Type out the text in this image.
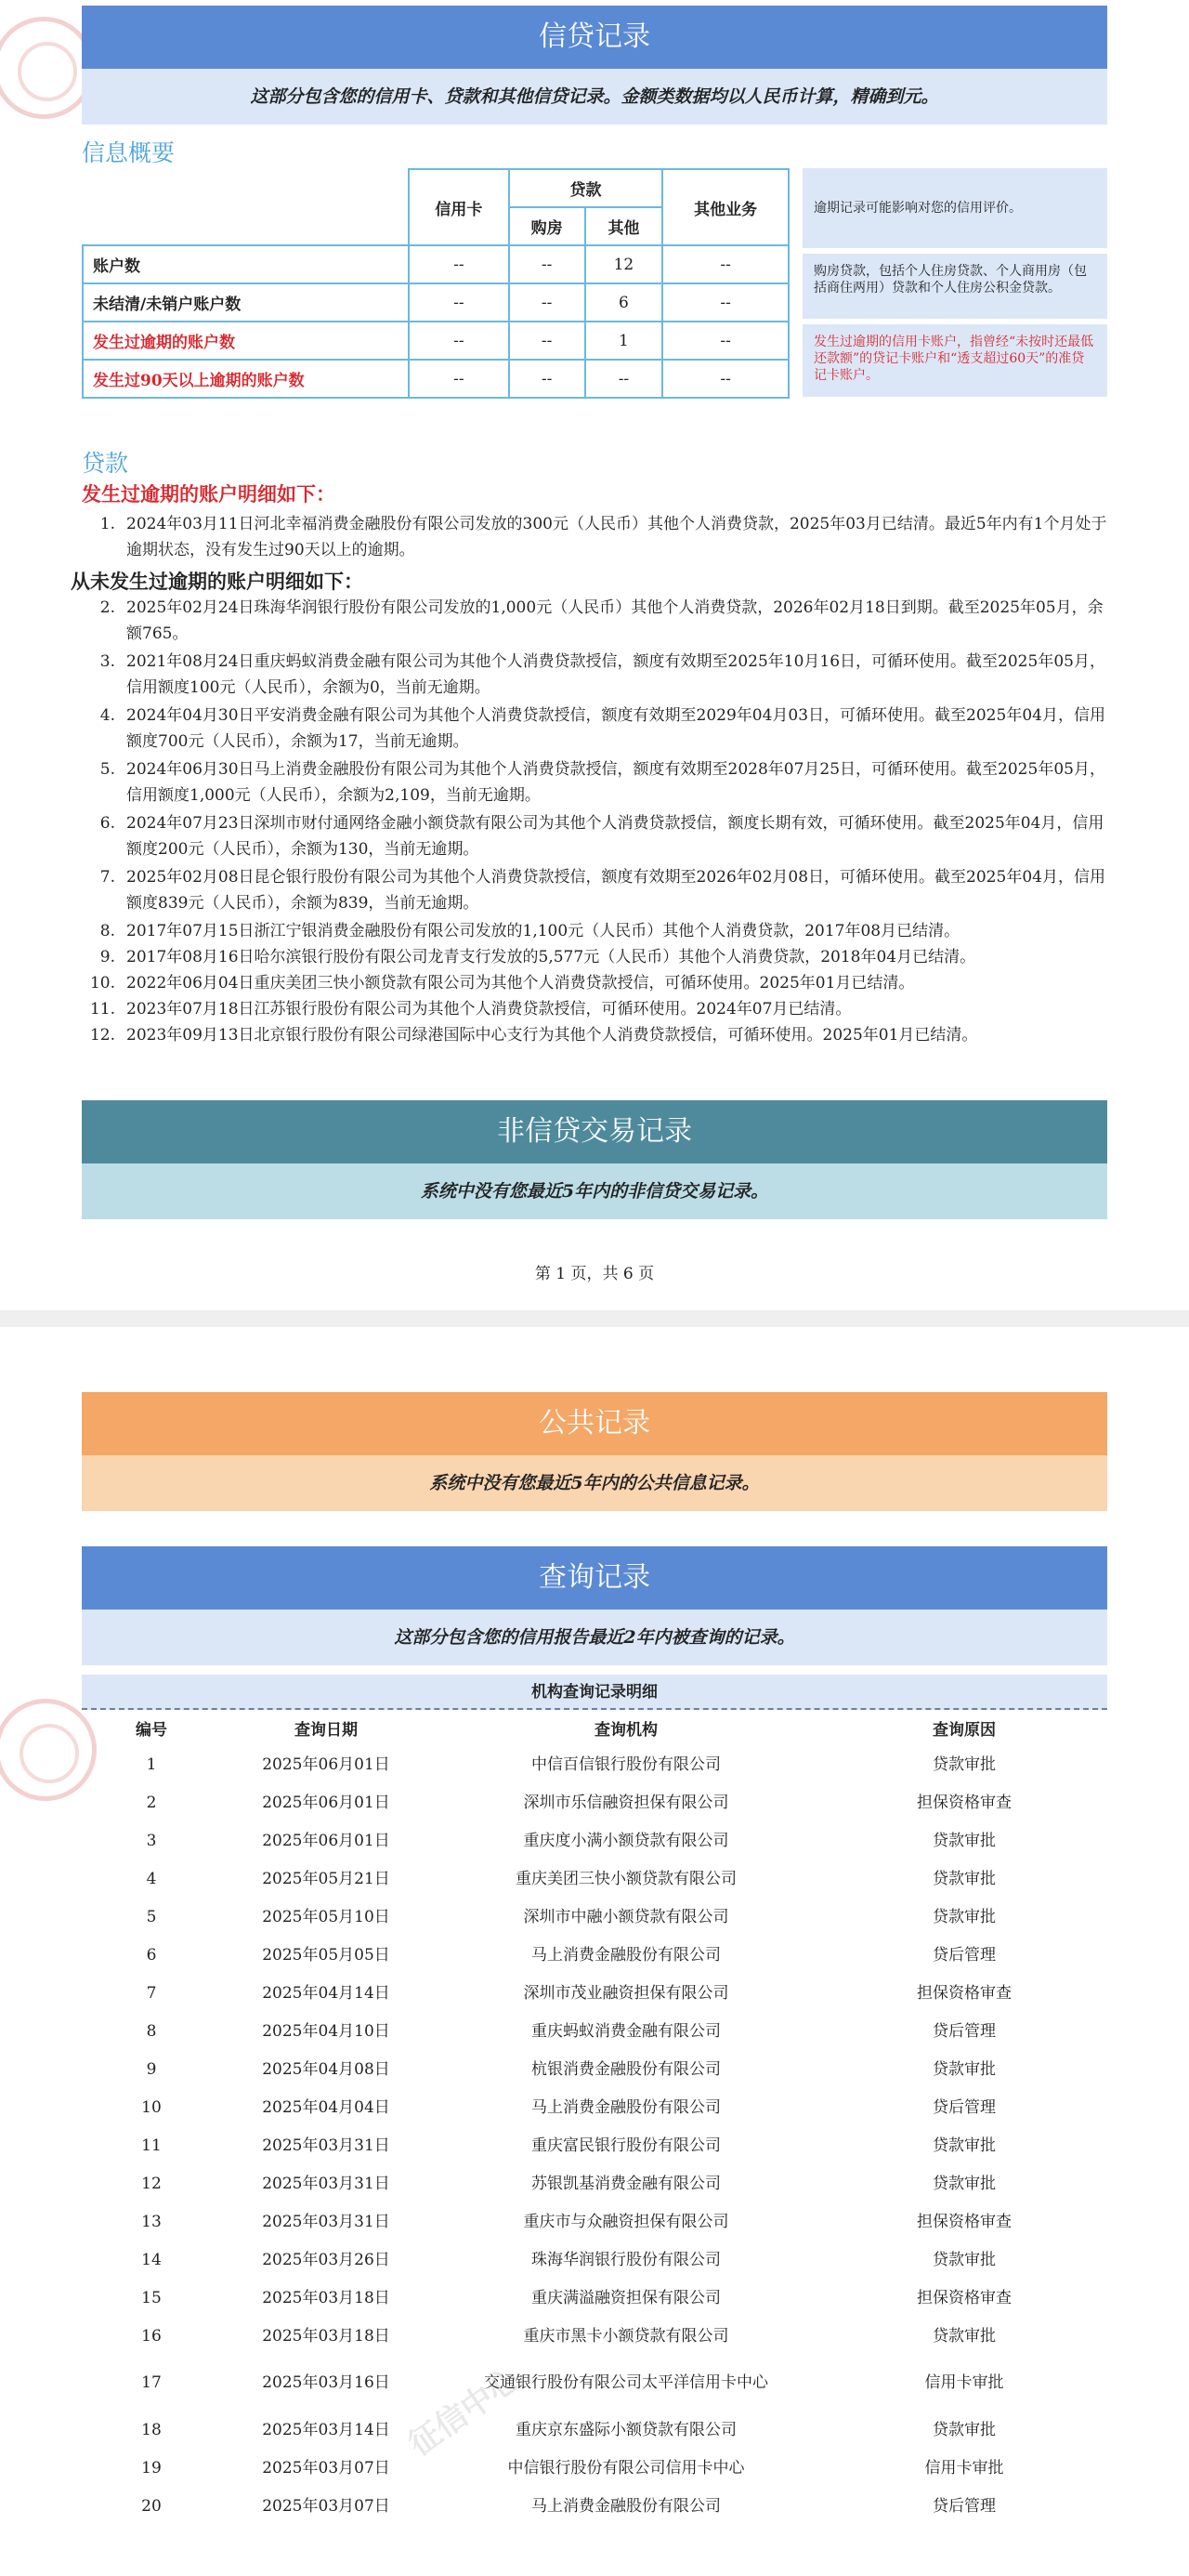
信贷记录
这部分包含您的信用卡、贷款和其他信贷记录。金额类数据均以人民币计算，精确到元。
信息概要
	信用卡	贷款		其他业务
		购房	其他	
账户数	--	--	12	--
未结清/未销户账户数	--	--	6	--
发生过逾期的账户数	--	--	1	--
发生过90天以上逾期的账户数	--	--	--	--
逾期记录可能影响对您的信用评价。
购房贷款，包括个人住房贷款、个人商用房（包括商住两用）贷款和个人住房公积金贷款。
发生过逾期的信用卡账户，指曾经“未按时还最低还款额”的贷记卡账户和“透支超过60天”的准贷记卡账户。
贷款
发生过逾期的账户明细如下：
1. 2024年03月11日河北幸福消费金融股份有限公司发放的300元（人民币）其他个人消费贷款，2025年03月已结清。最近5年内有1个月处于逾期状态，没有发生过90天以上的逾期。
从未发生过逾期的账户明细如下：
2. 2025年02月24日珠海华润银行股份有限公司发放的1,000元（人民币）其他个人消费贷款，2026年02月18日到期。截至2025年05月，余额765。
3. 2021年08月24日重庆蚂蚁消费金融有限公司为其他个人消费贷款授信，额度有效期至2025年10月16日，可循环使用。截至2025年05月，信用额度100元（人民币），余额为0，当前无逾期。
4. 2024年04月30日平安消费金融有限公司为其他个人消费贷款授信，额度有效期至2029年04月03日，可循环使用。截至2025年04月，信用额度700元（人民币），余额为17，当前无逾期。
5. 2024年06月30日马上消费金融股份有限公司为其他个人消费贷款授信，额度有效期至2028年07月25日，可循环使用。截至2025年05月，信用额度1,000元（人民币），余额为2,109，当前无逾期。
6. 2024年07月23日深圳市财付通网络金融小额贷款有限公司为其他个人消费贷款授信，额度长期有效，可循环使用。截至2025年04月，信用额度200元（人民币），余额为130，当前无逾期。
7. 2025年02月08日昆仑银行股份有限公司为其他个人消费贷款授信，额度有效期至2026年02月08日，可循环使用。截至2025年04月，信用额度839元（人民币），余额为839，当前无逾期。
8. 2017年07月15日浙江宁银消费金融股份有限公司发放的1,100元（人民币）其他个人消费贷款，2017年08月已结清。
9. 2017年08月16日哈尔滨银行股份有限公司龙青支行发放的5,577元（人民币）其他个人消费贷款，2018年04月已结清。
10. 2022年06月04日重庆美团三快小额贷款有限公司为其他个人消费贷款授信，可循环使用。2025年01月已结清。
11. 2023年07月18日江苏银行股份有限公司为其他个人消费贷款授信，可循环使用。2024年07月已结清。
12. 2023年09月13日北京银行股份有限公司绿港国际中心支行为其他个人消费贷款授信，可循环使用。2025年01月已结清。
非信贷交易记录
系统中没有您最近5年内的非信贷交易记录。
第 1 页，共 6 页
公共记录
系统中没有您最近5年内的公共信息记录。
查询记录
这部分包含您的信用报告最近2年内被查询的记录。
机构查询记录明细
编号	查询日期	查询机构	查询原因
1	2025年06月01日	中信百信银行股份有限公司	贷款审批
2	2025年06月01日	深圳市乐信融资担保有限公司	担保资格审查
3	2025年06月01日	重庆度小满小额贷款有限公司	贷款审批
4	2025年05月21日	重庆美团三快小额贷款有限公司	贷款审批
5	2025年05月10日	深圳市中融小额贷款有限公司	贷款审批
6	2025年05月05日	马上消费金融股份有限公司	贷后管理
7	2025年04月14日	深圳市茂业融资担保有限公司	担保资格审查
8	2025年04月10日	重庆蚂蚁消费金融有限公司	贷后管理
9	2025年04月08日	杭银消费金融股份有限公司	贷款审批
10	2025年04月04日	马上消费金融股份有限公司	贷后管理
11	2025年03月31日	重庆富民银行股份有限公司	贷款审批
12	2025年03月31日	苏银凯基消费金融有限公司	贷款审批
13	2025年03月31日	重庆市与众融资担保有限公司	担保资格审查
14	2025年03月26日	珠海华润银行股份有限公司	贷款审批
15	2025年03月18日	重庆满溢融资担保有限公司	担保资格审查
16	2025年03月18日	重庆市黑卡小额贷款有限公司	贷款审批
17	2025年03月16日	交通银行股份有限公司太平洋信用卡中心	信用卡审批
18	2025年03月14日	重庆京东盛际小额贷款有限公司	贷款审批
19	2025年03月07日	中信银行股份有限公司信用卡中心	信用卡审批
20	2025年03月07日	马上消费金融股份有限公司	贷后管理
征信中心
